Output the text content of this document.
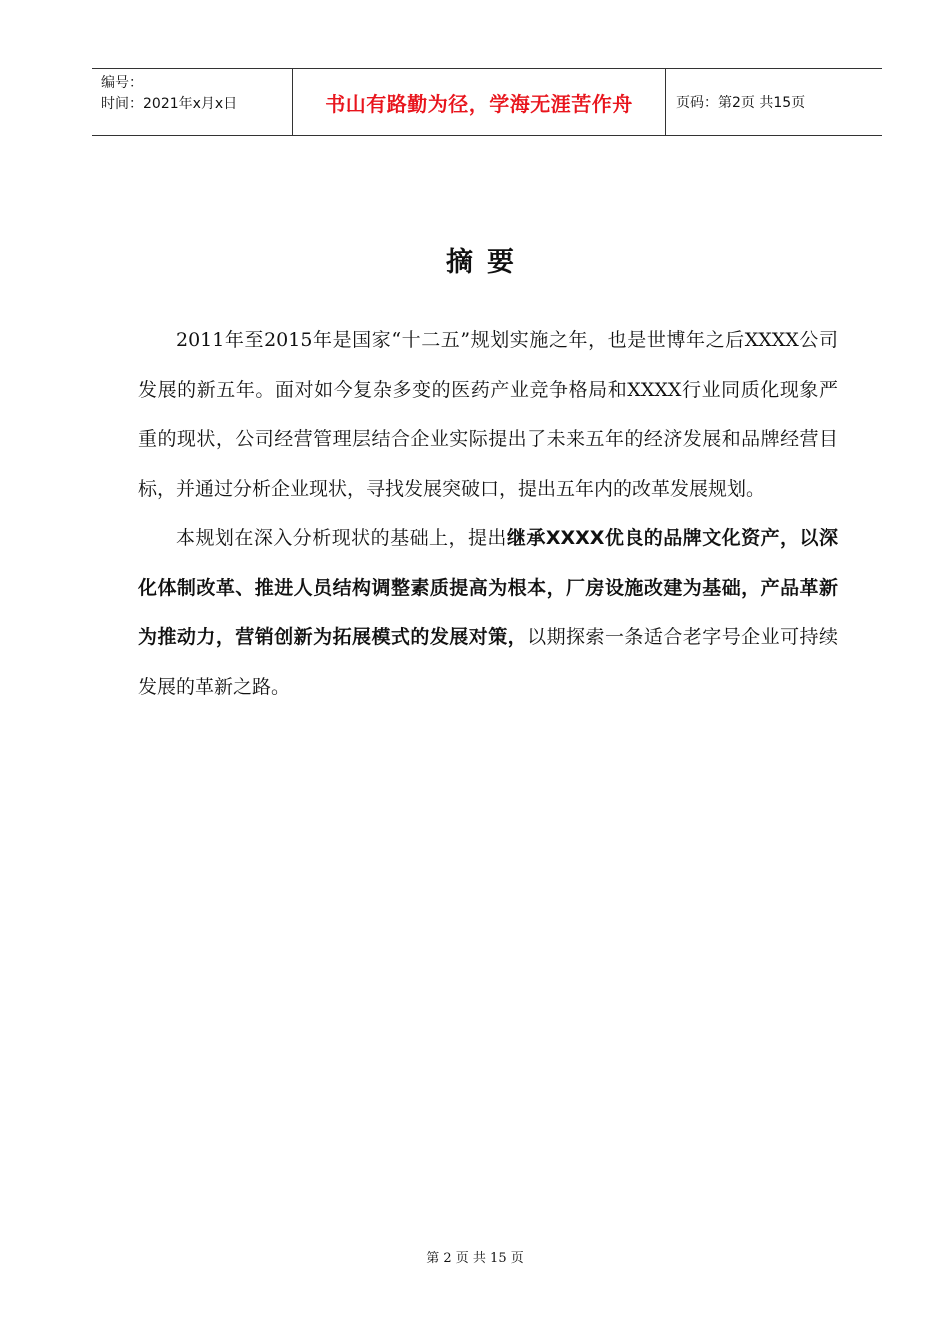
编号：
时间：2021年x月x日	书山有路勤为径，学海无涯苦作舟	页码：第2页 共15页
摘要

2011年至2015年是国家“十二五”规划实施之年，也是世博年之后XXXX公司发展的新五年。面对如今复杂多变的医药产业竞争格局和XXXX行业同质化现象严重的现状，公司经营管理层结合企业实际提出了未来五年的经济发展和品牌经营目标，并通过分析企业现状，寻找发展突破口，提出五年内的改革发展规划。

本规划在深入分析现状的基础上，提出继承XXXX优良的品牌文化资产，以深化体制改革、推进人员结构调整素质提高为根本，厂房设施改建为基础，产品革新为推动力，营销创新为拓展模式的发展对策，以期探索一条适合老字号企业可持续发展的革新之路。

第 2 页 共 15 页
